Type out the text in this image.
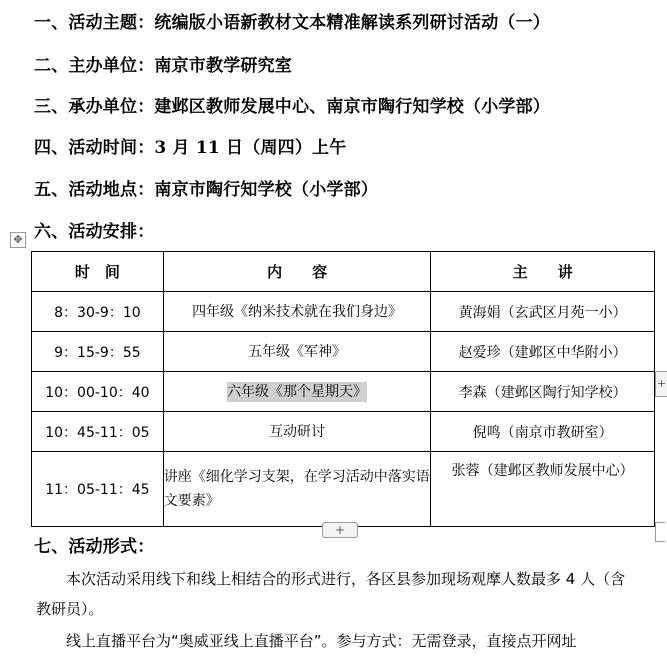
一、活动主题：统编版小语新教材文本精准解读系列研讨活动（一）
二、主办单位：南京市教学研究室
三、承办单位：建邺区教师发展中心、南京市陶行知学校（小学部）
四、活动时间：3 月 11 日（周四）上午
五、活动地点：南京市陶行知学校（小学部）
六、活动安排：
✥
时　间	内　　容	主　　讲
8：30-9：10	四年级《纳米技术就在我们身边》	黄海娟（玄武区月苑一小）
9：15-9：55	五年级《军神》	赵爱珍（建邺区中华附小）
10：00-10：40	六年级《那个星期天》	李森（建邺区陶行知学校）
10：45-11：05	互动研讨	倪鸣（南京市教研室）
11：05-11：45	讲座《细化学习支架，在学习活动中落实语文要素》	张蓉（建邺区教师发展中心）
+
+
七、活动形式：
本次活动采用线下和线上相结合的形式进行，各区县参加现场观摩人数最多 4 人（含教研员）。
线上直播平台为“奥威亚线上直播平台”。参与方式：无需登录，直接点开网址
